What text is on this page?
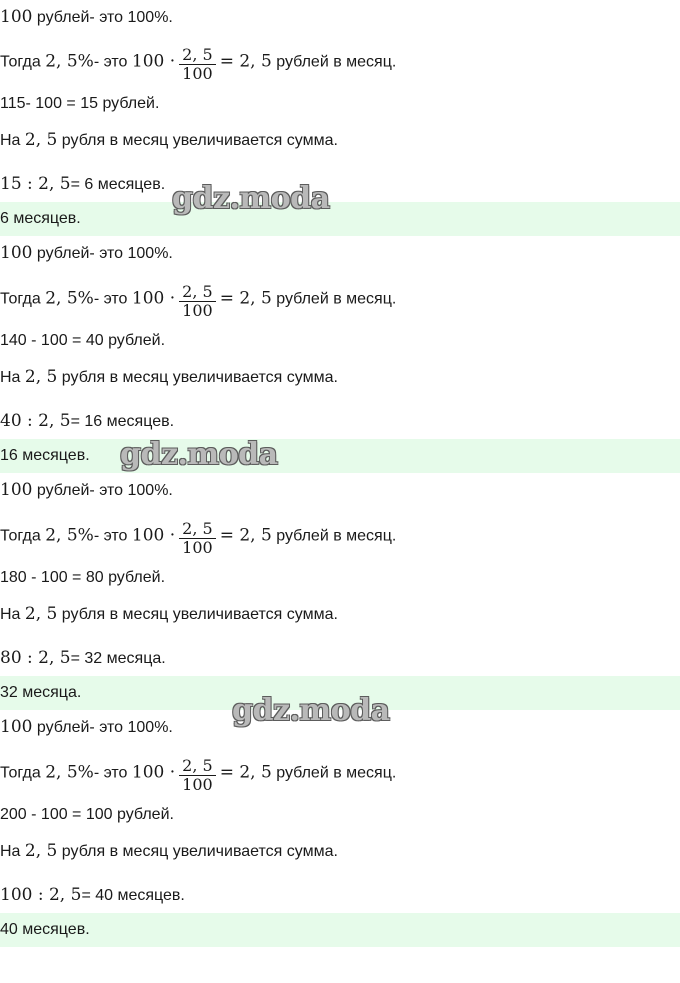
100 рублей- это 100%.
Тогда 2, 5%- это $100 \cdot \frac{2, 5}{100} = 2$, 5 рублей в месяц.
115- 100 = 15 рублей.
На 2, 5 рубля в месяц увеличивается сумма.
15 : 2, 5= 6 месяцев.
6 месяцев.
100 рублей- это 100%.
Тогда 2, 5%- это $100 \cdot \frac{2, 5}{100} = 2$, 5 рублей в месяц.
140 - 100 = 40 рублей.
На 2, 5 рубля в месяц увеличивается сумма.
40 : 2, 5= 16 месяцев.
16 месяцев.
100 рублей- это 100%.
Тогда 2, 5%- это $100 \cdot \frac{2, 5}{100} = 2$, 5 рублей в месяц.
180 - 100 = 80 рублей.
На 2, 5 рубля в месяц увеличивается сумма.
80 : 2, 5= 32 месяца.
32 месяца.
100 рублей- это 100%.
Тогда 2, 5%- это $100 \cdot \frac{2, 5}{100} = 2$, 5 рублей в месяц.
200 - 100 = 100 рублей.
На 2, 5 рубля в месяц увеличивается сумма.
100 : 2, 5= 40 месяцев.
40 месяцев.
gdz.moda
gdz.moda
gdz.moda
